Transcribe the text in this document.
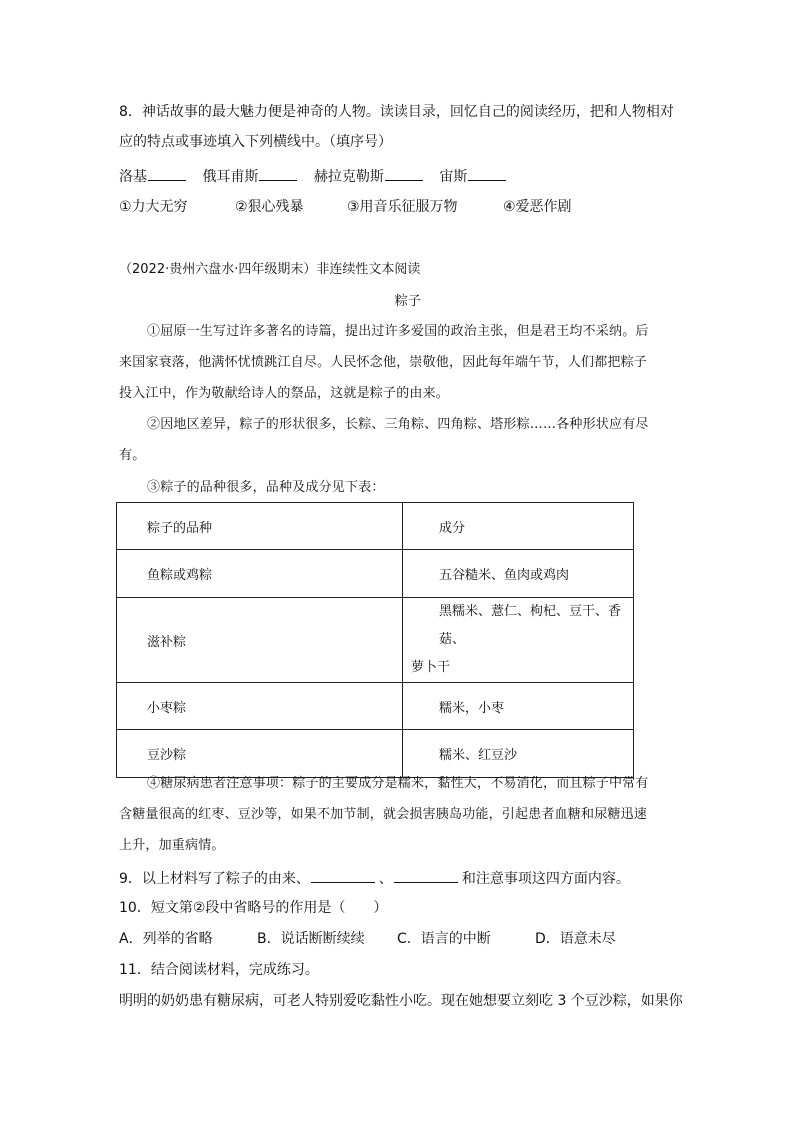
8．神话故事的最大魅力便是神奇的人物。读读目录，回忆自己的阅读经历，把和人物相对
应的特点或事迹填入下列横线中。（填序号）
洛基	俄耳甫斯	赫拉克勒斯	宙斯
①力大无穷	②狠心残暴	③用音乐征服万物	④爱恶作剧
（2022·贵州六盘水·四年级期末）非连续性文本阅读
粽子
①屈原一生写过许多著名的诗篇，提出过许多爱国的政治主张，但是君王均不采纳。后
来国家衰落，他满怀忧愤跳江自尽。人民怀念他，崇敬他，因此每年端午节，人们都把粽子
投入江中，作为敬献给诗人的祭品，这就是粽子的由来。
②因地区差异，粽子的形状很多，长粽、三角粽、四角粽、塔形粽……各种形状应有尽
有。
③粽子的品种很多，品种及成分见下表：
粽子的品种	成分
鱼粽或鸡粽	五谷糙米、鱼肉或鸡肉
滋补粽	黑糯米、薏仁、枸杞、豆干、香菇、
萝卜干

小枣粽	糯米，小枣
豆沙粽	糯米、红豆沙
④糖尿病患者注意事项：粽子的主要成分是糯米，黏性大，不易消化，而且粽子中常有
含糖量很高的红枣、豆沙等，如果不加节制，就会损害胰岛功能，引起患者血糖和尿糖迅速
上升，加重病情。
9．以上材料写了粽子的由来、	、	和注意事项这四方面内容。
10．短文第②段中省略号的作用是（　　）
A．列举的省略	B．说话断断续续 C．语言的中断	D．语意未尽
11．结合阅读材料，完成练习。
明明的奶奶患有糖尿病，可老人特别爱吃黏性小吃。现在她想要立刻吃 3 个豆沙粽，如果你
